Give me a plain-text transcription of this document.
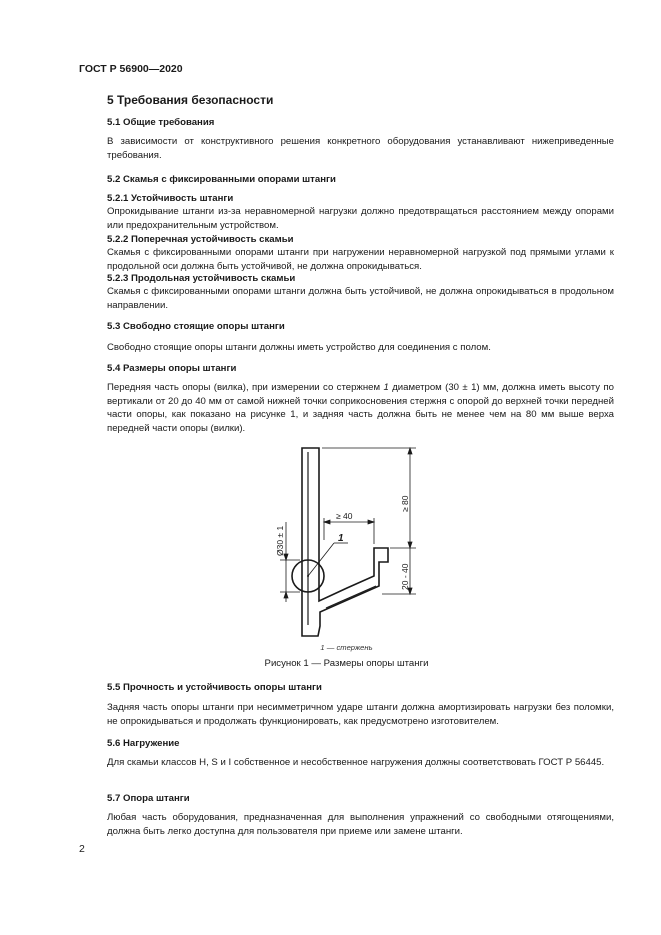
ГОСТ Р 56900—2020
5 Требования безопасности
5.1 Общие требования
В зависимости от конструктивного решения конкретного оборудования устанавливают нижеприведенные требования.
5.2 Скамья с фиксированными опорами штанги
5.2.1 Устойчивость штанги
Опрокидывание штанги из-за неравномерной нагрузки должно предотвращаться расстоянием между опорами или предохранительным устройством.
5.2.2 Поперечная устойчивость скамьи
Скамья с фиксированными опорами штанги при нагружении неравномерной нагрузкой под прямыми углами к продольной оси должна быть устойчивой, не должна опрокидываться.
5.2.3 Продольная устойчивость скамьи
Скамья с фиксированными опорами штанги должна быть устойчивой, не должна опрокидываться в продольном направлении.
5.3 Свободно стоящие опоры штанги
Свободно стоящие опоры штанги должны иметь устройство для соединения с полом.
5.4 Размеры опоры штанги
Передняя часть опоры (вилка), при измерении со стержнем 1 диаметром (30 ± 1) мм, должна иметь высоту по вертикали от 20 до 40 мм от самой нижней точки соприкосновения стержня с опорой до верхней точки передней части опоры, как показано на рисунке 1, и задняя часть должна быть не менее чем на 80 мм выше верха передней части опоры (вилки).
1
≥ 40
≥ 80
20 - 40
Ø30 ± 1
1 — стержень
Рисунок 1 — Размеры опоры штанги
5.5 Прочность и устойчивость опоры штанги
Задняя часть опоры штанги при несимметричном ударе штанги должна амортизировать нагрузки без поломки, не опрокидываться и продолжать функционировать, как предусмотрено изготовителем.
5.6 Нагружение
Для скамьи классов H, S и I собственное и несобственное нагружения должны соответствовать ГОСТ Р 56445.
5.7 Опора штанги
Любая часть оборудования, предназначенная для выполнения упражнений со свободными отягощениями, должна быть легко доступна для пользователя при приеме или замене штанги.
2
